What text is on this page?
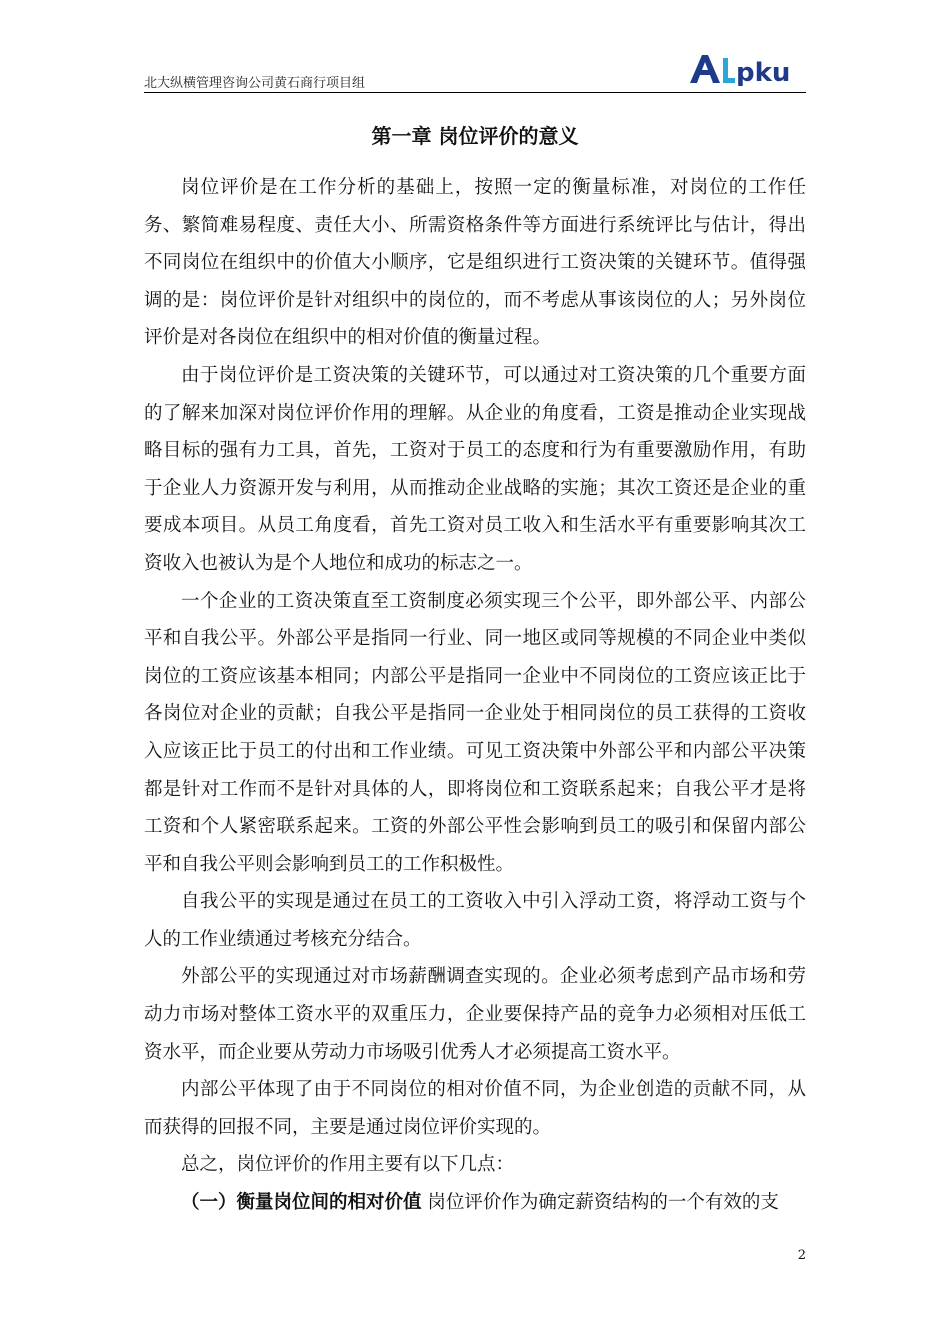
北大纵横管理咨询公司黄石商行项目组	pku
第一章 岗位评价的意义

岗位评价是在工作分析的基础上，按照一定的衡量标准，对岗位的工作任务、繁简难易程度、责任大小、所需资格条件等方面进行系统评比与估计，得出不同岗位在组织中的价值大小顺序，它是组织进行工资决策的关键环节。值得强调的是：岗位评价是针对组织中的岗位的，而不考虑从事该岗位的人；另外岗位评价是对各岗位在组织中的相对价值的衡量过程。

由于岗位评价是工资决策的关键环节，可以通过对工资决策的几个重要方面的了解来加深对岗位评价作用的理解。从企业的角度看，工资是推动企业实现战略目标的强有力工具，首先，工资对于员工的态度和行为有重要激励作用，有助于企业人力资源开发与利用，从而推动企业战略的实施；其次工资还是企业的重要成本项目。从员工角度看，首先工资对员工收入和生活水平有重要影响其次工资收入也被认为是个人地位和成功的标志之一。

一个企业的工资决策直至工资制度必须实现三个公平，即外部公平、内部公平和自我公平。外部公平是指同一行业、同一地区或同等规模的不同企业中类似岗位的工资应该基本相同；内部公平是指同一企业中不同岗位的工资应该正比于各岗位对企业的贡献；自我公平是指同一企业处于相同岗位的员工获得的工资收入应该正比于员工的付出和工作业绩。可见工资决策中外部公平和内部公平决策都是针对工作而不是针对具体的人，即将岗位和工资联系起来；自我公平才是将工资和个人紧密联系起来。工资的外部公平性会影响到员工的吸引和保留内部公平和自我公平则会影响到员工的工作积极性。

自我公平的实现是通过在员工的工资收入中引入浮动工资，将浮动工资与个人的工作业绩通过考核充分结合。

外部公平的实现通过对市场薪酬调查实现的。企业必须考虑到产品市场和劳动力市场对整体工资水平的双重压力，企业要保持产品的竞争力必须相对压低工资水平，而企业要从劳动力市场吸引优秀人才必须提高工资水平。

内部公平体现了由于不同岗位的相对价值不同，为企业创造的贡献不同，从而获得的回报不同，主要是通过岗位评价实现的。

总之，岗位评价的作用主要有以下几点：

（一）衡量岗位间的相对价值 岗位评价作为确定薪资结构的一个有效的支

2
